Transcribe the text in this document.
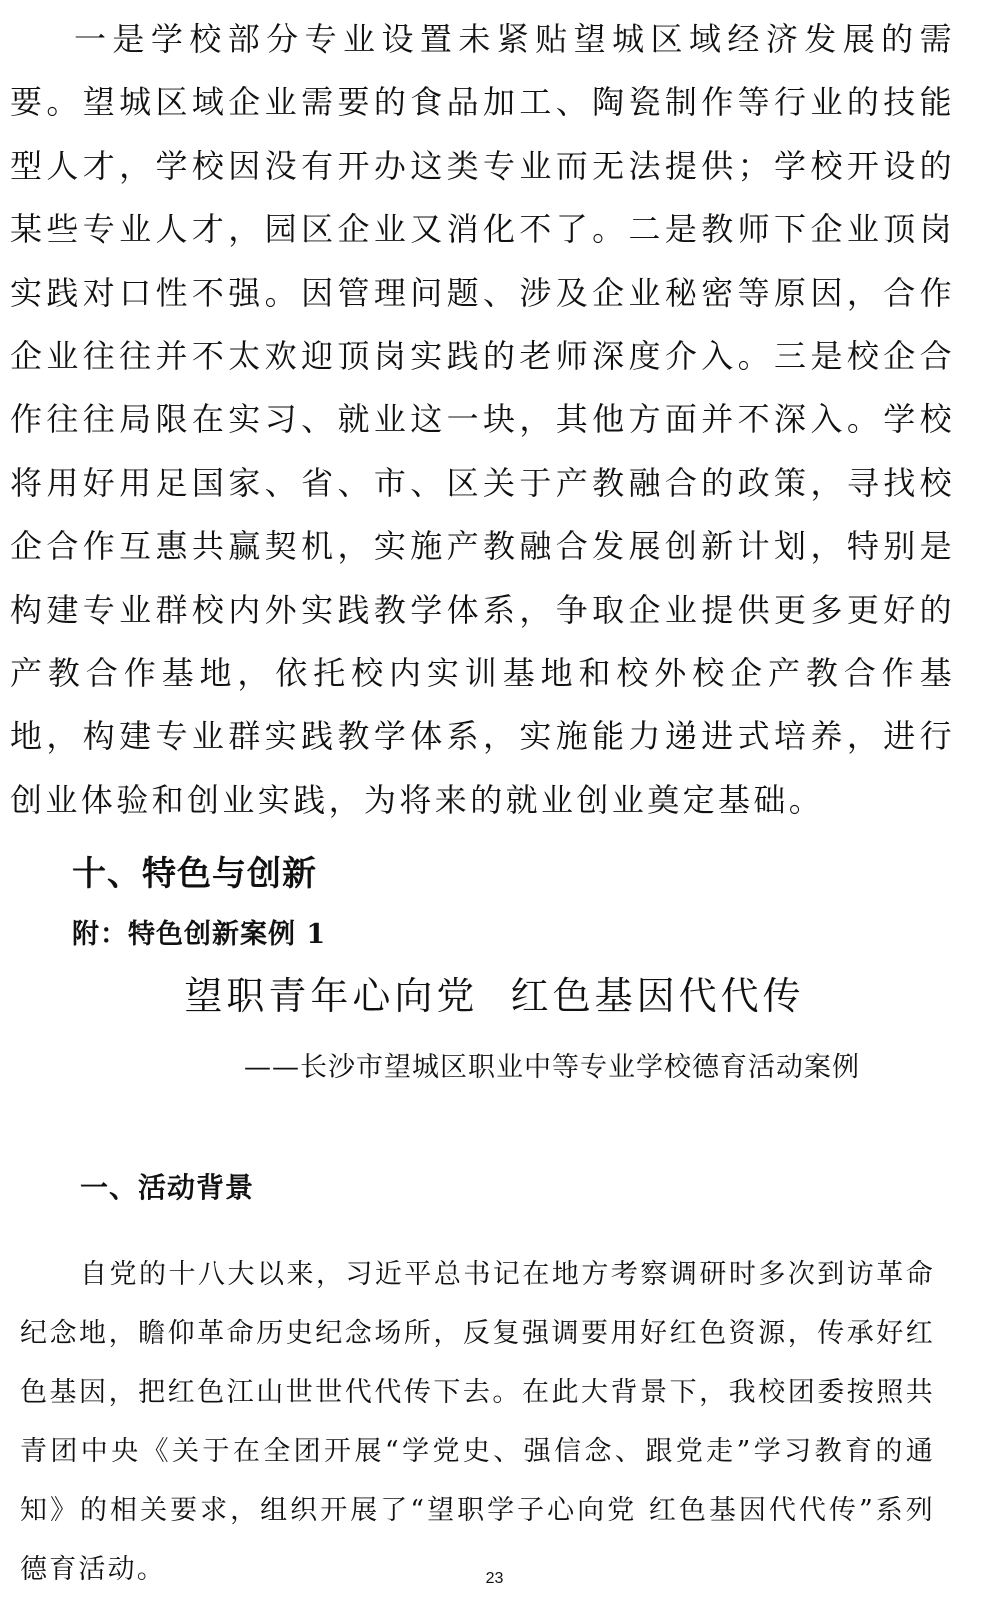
一是学校部分专业设置未紧贴望城区域经济发展的需要。望城区域企业需要的食品加工、陶瓷制作等行业的技能型人才，学校因没有开办这类专业而无法提供；学校开设的某些专业人才，园区企业又消化不了。二是教师下企业顶岗实践对口性不强。因管理问题、涉及企业秘密等原因，合作企业往往并不太欢迎顶岗实践的老师深度介入。三是校企合作往往局限在实习、就业这一块，其他方面并不深入。学校将用好用足国家、省、市、区关于产教融合的政策，寻找校企合作互惠共赢契机，实施产教融合发展创新计划，特别是构建专业群校内外实践教学体系，争取企业提供更多更好的产教合作基地，依托校内实训基地和校外校企产教合作基地，构建专业群实践教学体系，实施能力递进式培养，进行创业体验和创业实践，为将来的就业创业奠定基础。

十、特色与创新

附：特色创新案例 1

望职青年心向党  红色基因代代传

——长沙市望城区职业中等专业学校德育活动案例

一、活动背景

自党的十八大以来，习近平总书记在地方考察调研时多次到访革命纪念地，瞻仰革命历史纪念场所，反复强调要用好红色资源，传承好红色基因，把红色江山世世代代传下去。在此大背景下，我校团委按照共青团中央《关于在全团开展“学党史、强信念、跟党走”学习教育的通知》的相关要求，组织开展了“望职学子心向党 红色基因代代传”系列德育活动。	23
